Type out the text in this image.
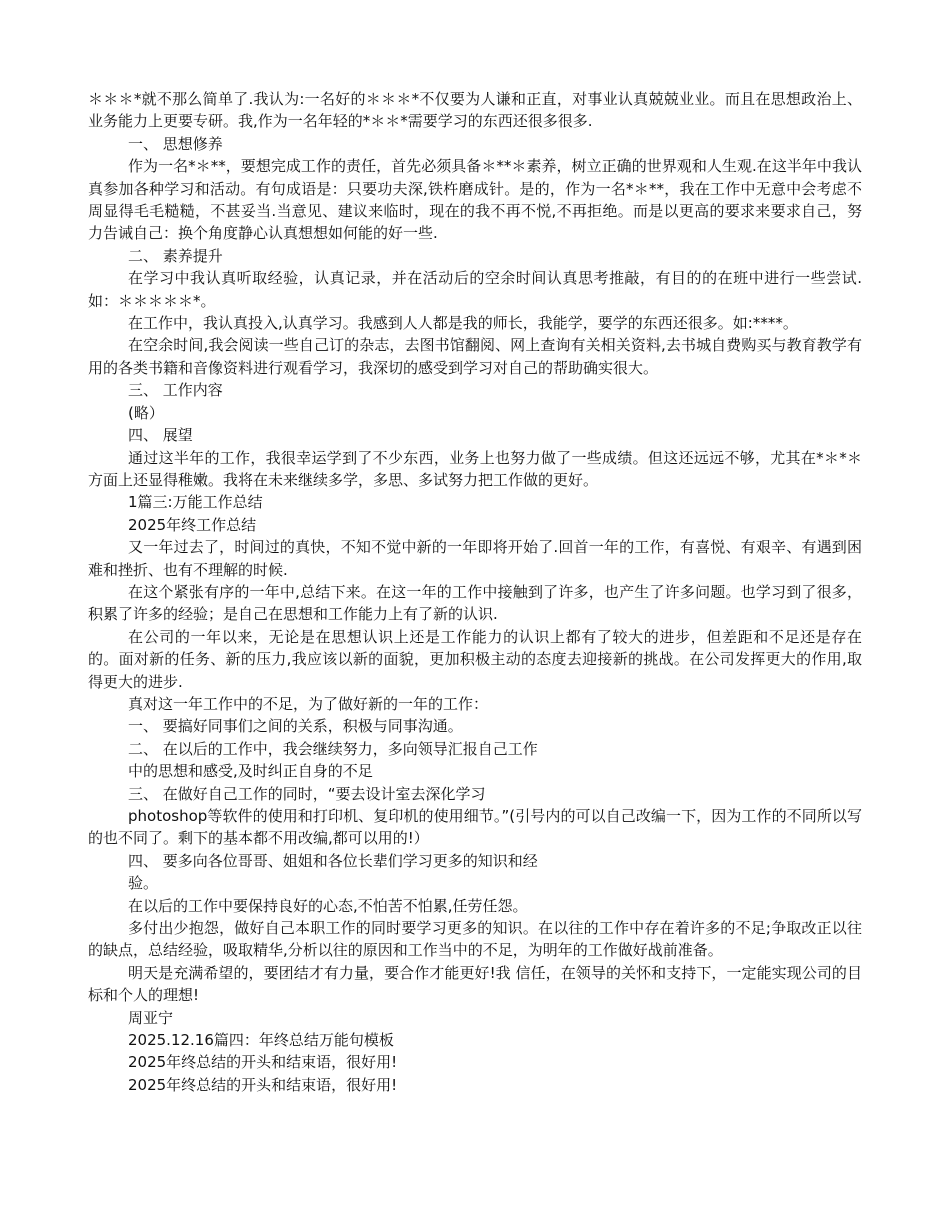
＊＊＊*就不那么简单了.我认为:一名好的＊＊＊*不仅要为人谦和正直，对事业认真兢兢业业。而且在思想政治上、业务能力上更要专研。我,作为一名年轻的*＊＊*需要学习的东西还很多很多.
一、 思想修养
作为一名*＊**，要想完成工作的责任，首先必须具备＊**＊素养，树立正确的世界观和人生观.在这半年中我认真参加各种学习和活动。有句成语是：只要功夫深,铁杵磨成针。是的，作为一名*＊**，我在工作中无意中会考虑不周显得毛毛糙糙，不甚妥当.当意见、建议来临时，现在的我不再不悦,不再拒绝。而是以更高的要求来要求自己，努力告诫自己：换个角度静心认真想想如何能的好一些.
二、 素养提升
在学习中我认真听取经验，认真记录，并在活动后的空余时间认真思考推敲，有目的的在班中进行一些尝试.如：＊＊＊＊＊*。
在工作中，我认真投入,认真学习。我感到人人都是我的师长，我能学，要学的东西还很多。如:****。
在空余时间,我会阅读一些自己订的杂志，去图书馆翻阅、网上查询有关相关资料,去书城自费购买与教育教学有用的各类书籍和音像资料进行观看学习，我深切的感受到学习对自己的帮助确实很大。
三、 工作内容
(略）
四、 展望
通过这半年的工作，我很幸运学到了不少东西，业务上也努力做了一些成绩。但这还远远不够，尤其在*＊*＊方面上还显得稚嫩。我将在未来继续多学，多思、多试努力把工作做的更好。
1篇三:万能工作总结
2025年终工作总结
又一年过去了，时间过的真快，不知不觉中新的一年即将开始了.回首一年的工作，有喜悦、有艰辛、有遇到困难和挫折、也有不理解的时候.
在这个紧张有序的一年中,总结下来。在这一年的工作中接触到了许多，也产生了许多问题。也学习到了很多，积累了许多的经验；是自己在思想和工作能力上有了新的认识.
在公司的一年以来，无论是在思想认识上还是工作能力的认识上都有了较大的进步，但差距和不足还是存在的。面对新的任务、新的压力,我应该以新的面貌，更加积极主动的态度去迎接新的挑战。在公司发挥更大的作用,取得更大的进步.
真对这一年工作中的不足，为了做好新的一年的工作：
一、 要搞好同事们之间的关系，积极与同事沟通。
二、 在以后的工作中，我会继续努力，多向领导汇报自己工作
中的思想和感受,及时纠正自身的不足
三、 在做好自己工作的同时，“要去设计室去深化学习
photoshop等软件的使用和打印机、复印机的使用细节。”(引号内的可以自己改编一下，因为工作的不同所以写的也不同了。剩下的基本都不用改编,都可以用的!）
四、 要多向各位哥哥、姐姐和各位长辈们学习更多的知识和经
验。
在以后的工作中要保持良好的心态,不怕苦不怕累,任劳任怨。
多付出少抱怨，做好自己本职工作的同时要学习更多的知识。在以往的工作中存在着许多的不足;争取改正以往的缺点，总结经验，吸取精华,分析以往的原因和工作当中的不足，为明年的工作做好战前准备。
明天是充满希望的，要团结才有力量，要合作才能更好!我 信任，在领导的关怀和支持下，一定能实现公司的目标和个人的理想!
周亚宁
2025.12.16篇四：年终总结万能句模板
2025年终总结的开头和结束语，很好用!
2025年终总结的开头和结束语，很好用!
